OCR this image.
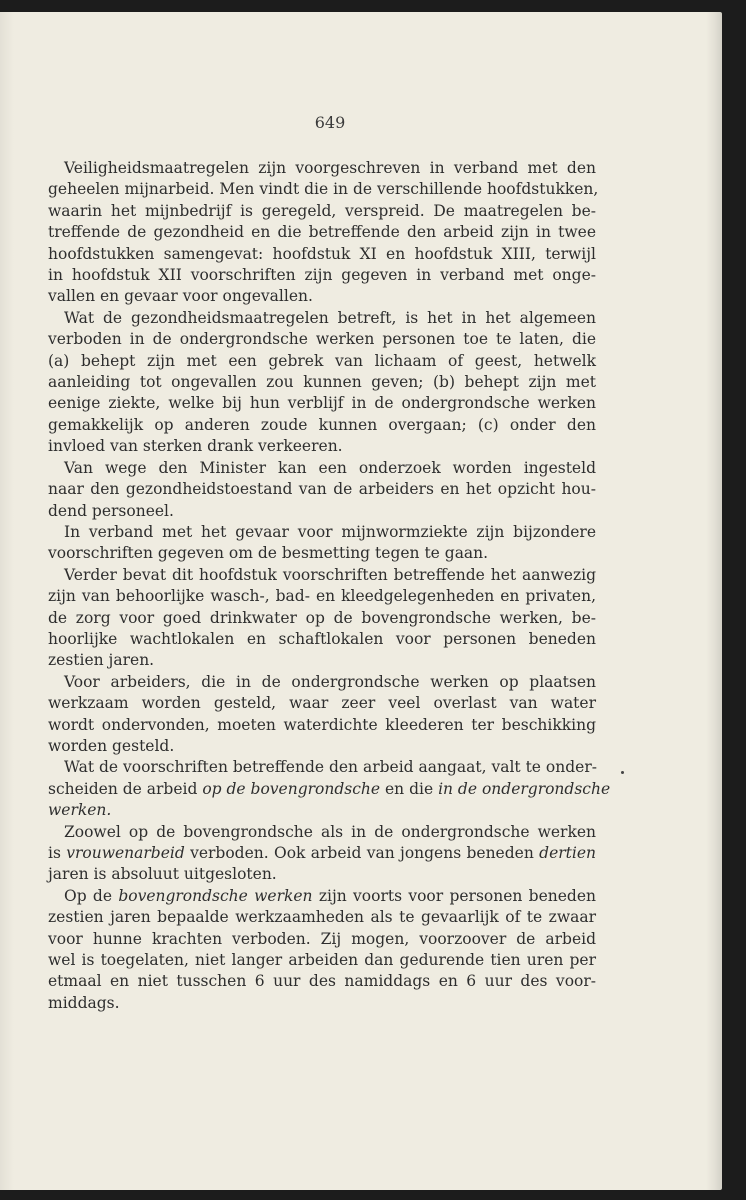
649

Veiligheidsmaatregelen zijn voorgeschreven in verband met den
geheelen mijnarbeid. Men vindt die in de verschillende hoofdstukken,
waarin het mijnbedrijf is geregeld, verspreid. De maatregelen be-
treffende de gezondheid en die betreffende den arbeid zijn in twee
hoofdstukken samengevat: hoofdstuk XI en hoofdstuk XIII, terwijl
in hoofdstuk XII voorschriften zijn gegeven in verband met onge-
vallen en gevaar voor ongevallen.

Wat de gezondheidsmaatregelen betreft, is het in het algemeen
verboden in de ondergrondsche werken personen toe te laten, die
(a) behept zijn met een gebrek van lichaam of geest, hetwelk
aanleiding tot ongevallen zou kunnen geven; (b) behept zijn met
eenige ziekte, welke bij hun verblijf in de ondergrondsche werken
gemakkelijk op anderen zoude kunnen overgaan; (c) onder den
invloed van sterken drank verkeeren.

Van wege den Minister kan een onderzoek worden ingesteld
naar den gezondheidstoestand van de arbeiders en het opzicht hou-
dend personeel.

In verband met het gevaar voor mijnwormziekte zijn bijzondere
voorschriften gegeven om de besmetting tegen te gaan.

Verder bevat dit hoofdstuk voorschriften betreffende het aanwezig
zijn van behoorlijke wasch-, bad- en kleedgelegenheden en privaten,
de zorg voor goed drinkwater op de bovengrondsche werken, be-
hoorlijke wachtlokalen en schaftlokalen voor personen beneden
zestien jaren.

Voor arbeiders, die in de ondergrondsche werken op plaatsen
werkzaam worden gesteld, waar zeer veel overlast van water
wordt ondervonden, moeten waterdichte kleederen ter beschikking
worden gesteld.

Wat de voorschriften betreffende den arbeid aangaat, valt te onder-
scheiden de arbeid op de bovengrondsche en die in de ondergrondsche
werken.

Zoowel op de bovengrondsche als in de ondergrondsche werken
is vrouwenarbeid verboden. Ook arbeid van jongens beneden dertien
jaren is absoluut uitgesloten.

Op de bovengrondsche werken zijn voorts voor personen beneden
zestien jaren bepaalde werkzaamheden als te gevaarlijk of te zwaar
voor hunne krachten verboden. Zij mogen, voorzoover de arbeid
wel is toegelaten, niet langer arbeiden dan gedurende tien uren per
etmaal en niet tusschen 6 uur des namiddags en 6 uur des voor-
middags.
